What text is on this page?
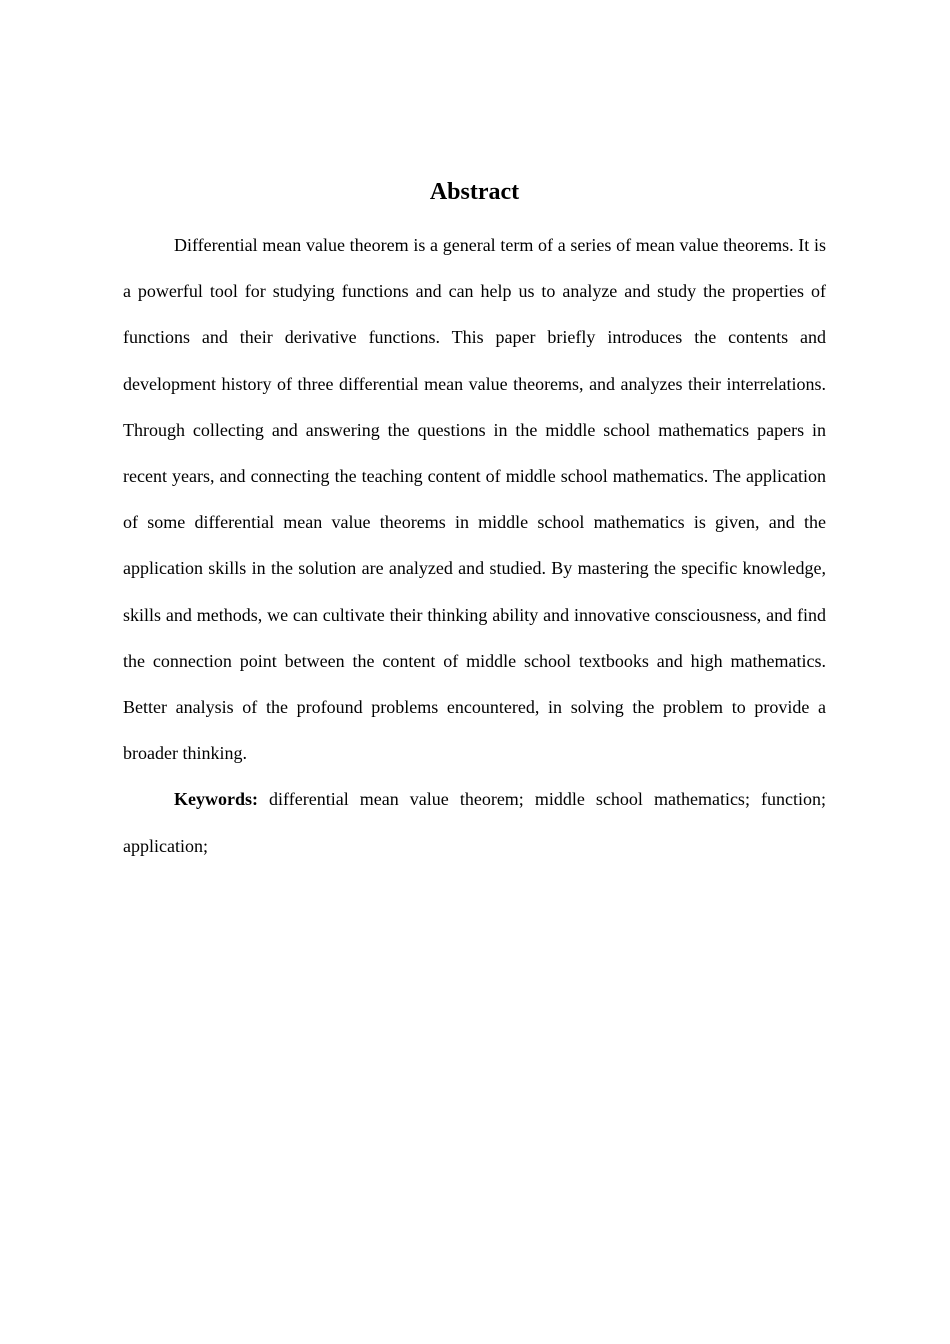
Abstract

Differential mean value theorem is a general term of a series of mean value theorems. It is a powerful tool for studying functions and can help us to analyze and study the properties of functions and their derivative functions. This paper briefly introduces the contents and development history of three differential mean value theorems, and analyzes their interrelations. Through collecting and answering the questions in the middle school mathematics papers in recent years, and connecting the teaching content of middle school mathematics. The application of some differential mean value theorems in middle school mathematics is given, and the application skills in the solution are analyzed and studied. By mastering the specific knowledge, skills and methods, we can cultivate their thinking ability and innovative consciousness, and find the connection point between the content of middle school textbooks and high mathematics. Better analysis of the profound problems encountered, in solving the problem to provide a broader thinking.

Keywords: differential mean value theorem; middle school mathematics; function; application;
